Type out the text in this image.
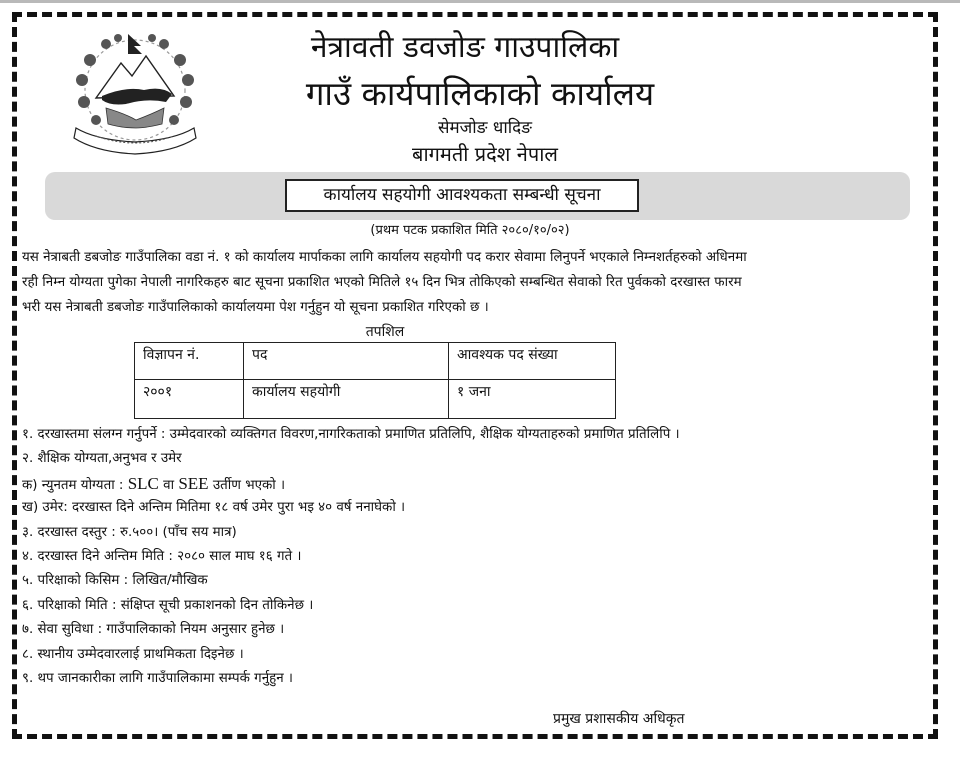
नेत्रावती डवजोङ गाउपालिका
गाउँ कार्यपालिकाको कार्यालय
सेमजोङ धादिङ
बागमती प्रदेश नेपाल
कार्यालय सहयोगी आवश्यकता सम्बन्धी सूचना
(प्रथम पटक प्रकाशित मिति २०८०/१०/०२)
यस नेत्राबती डबजोङ गाउँपालिका वडा नं. १ को कार्यालय मार्पाकका लागि कार्यालय सहयोगी पद करार सेवामा लिनुपर्ने भएकाले निम्नशर्तहरुको अधिनमा
रही निम्न योग्यता पुगेका नेपाली नागरिकहरु बाट सूचना प्रकाशित भएको मितिले १५ दिन भित्र तोकिएको सम्बन्धित सेवाको रित पुर्वकको दरखास्त फारम
भरी यस नेत्राबती डबजोङ गाउँपालिकाको कार्यालयमा पेश गर्नुहुन यो सूचना प्रकाशित गरिएको छ ।
तपशिल
विज्ञापन नं.	पद	आवश्यक पद संख्या
२००१	कार्यालय सहयोगी	१ जना
१. दरखास्तमा संलग्न गर्नुपर्ने : उम्मेदवारको व्यक्तिगत विवरण,नागरिकताको प्रमाणित प्रतिलिपि, शैक्षिक योग्यताहरुको प्रमाणित प्रतिलिपि ।
२. शैक्षिक योग्यता,अनुभव र उमेर
क) न्युनतम योग्यता : SLC वा SEE उर्तीण भएको ।
ख) उमेर: दरखास्त दिने अन्तिम मितिमा १८ वर्ष उमेर पुरा भइ ४० वर्ष ननाघेको ।
३. दरखास्त दस्तुर : रु.५००। (पाँच सय मात्र)
४. दरखास्त दिने अन्तिम मिति : २०८० साल माघ १६ गते ।
५. परिक्षाको किसिम : लिखित/मौखिक
६. परिक्षाको मिति : संक्षिप्त सूची प्रकाशनको दिन तोकिनेछ ।
७. सेवा सुविधा : गाउँपालिकाको नियम अनुसार हुनेछ ।
८. स्थानीय उम्मेदवारलाई प्राथमिकता दिइनेछ ।
९. थप जानकारीका लागि गाउँपालिकामा सम्पर्क गर्नुहुन ।
प्रमुख प्रशासकीय अधिकृत
